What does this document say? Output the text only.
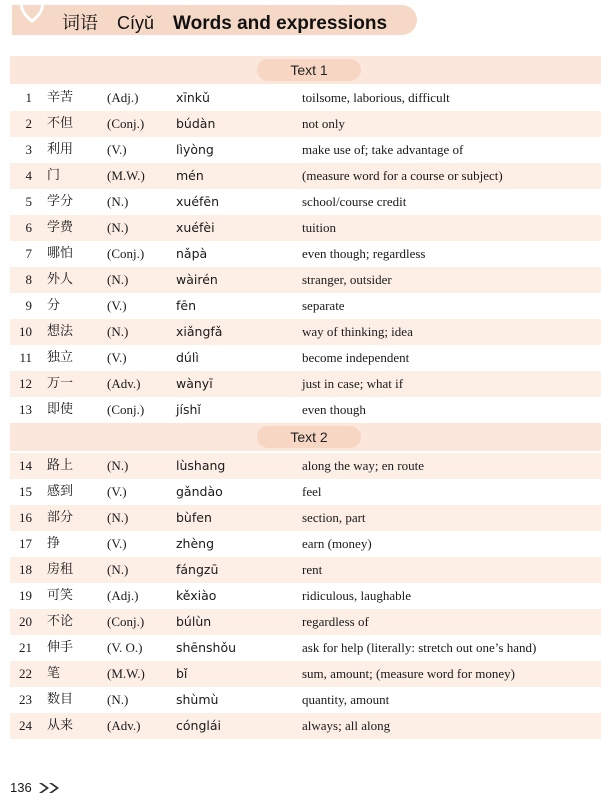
词语 Cíyǔ Words and expressions
Text 1
1 辛苦	(Adj.)	xīnkǔ	toilsome, laborious, difficult
2 不但	(Conj.)	búdàn	not only
3 利用	(V.)	lìyòng	make use of; take advantage of
4 门	(M.W.) mén	(measure word for a course or subject)
5 学分	(N.)	xuéfēn	school/course credit
6 学费	(N.)	xuéfèi	tuition
7 哪怕	(Conj.)	nǎpà	even though; regardless
8 外人	(N.)	wàirén	stranger, outsider
9 分	(V.)	fēn	separate
10 想法	(N.)	xiǎngfǎ	way of thinking; idea
11 独立	(V.)	dúlì	become independent
12 万一	(Adv.)	wànyī	just in case; what if
13 即使	(Conj.)	jíshǐ	even though
14 路上	(N.)	lùshang	along the way; en route
15 感到	(V.)	gǎndào	feel
16 部分	(N.)	bùfen	section, part
17 挣	(V.)	zhèng	earn (money)
18 房租	(N.)	fángzū	rent
19 可笑	(Adj.)	kěxiào	ridiculous, laughable
20 不论	(Conj.)	búlùn	regardless of
21 伸手	(V. O.)	shēnshǒu	ask for help (literally: stretch out one’s hand)
22 笔	(M.W.) bǐ	sum, amount; (measure word for money)
23 数目	(N.)	shùmù	quantity, amount
24 从来	(Adv.)	cónglái	always; all along
Text 2
136
